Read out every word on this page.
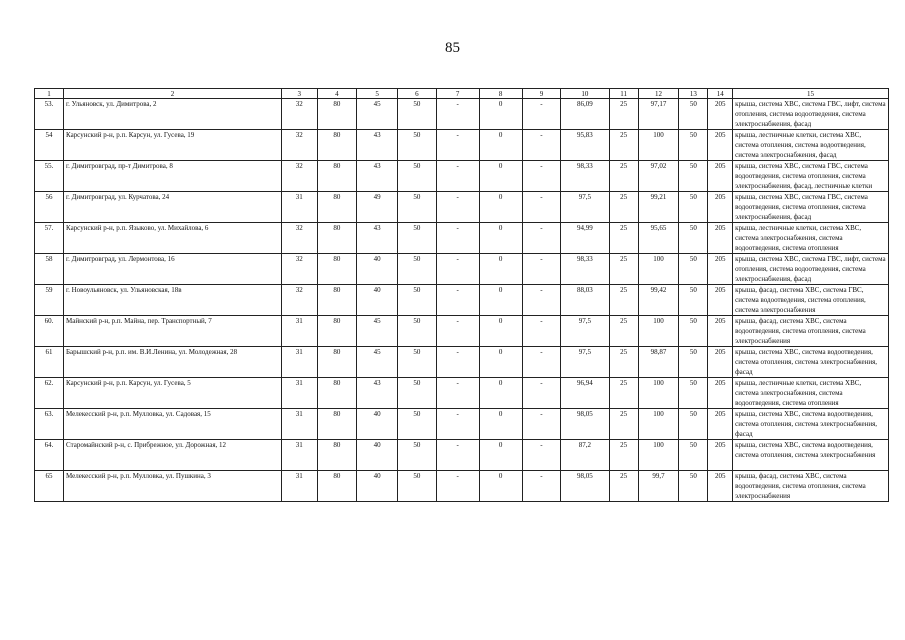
85
1	2	3	4	5	6	7	8	9	10	11	12	13	14	15
53.	г. Ульяновск, ул. Димитрова, 2	32	80	45	50	-	0	-	86,09	25	97,17	50	205	крыша, система ХВС, система ГВС, лифт, система отопления, система водоотведения, система электроснабжения, фасад
54	Карсунский р-н, р.п. Карсун, ул. Гусева, 19	32	80	43	50	-	0	-	95,83	25	100	50	205	крыша, лестничные клетки, система ХВС, система отопления, система водоотведения, система электроснабжения, фасад
55.	г. Димитровград, пр-т Димитрова, 8	32	80	43	50	-	0	-	98,33	25	97,02	50	205	крыша, система ХВС, система ГВС, система водоотведения, система отопления, система электроснабжения, фасад, лестничные клетки
56	г. Димитровград, ул. Курчатова, 24	31	80	49	50	-	0	-	97,5	25	99,21	50	205	крыша, система ХВС, система ГВС, система водоотведения, система отопления, система электроснабжения, фасад
57.	Карсунский р-н, р.п. Языково, ул. Михайлова, 6	32	80	43	50	-	0	-	94,99	25	95,65	50	205	крыша, лестничные клетки, система ХВС, система электроснабжения, система водоотведения, система отопления
58	г. Димитровград, ул. Лермонтова, 16	32	80	40	50	-	0	-	98,33	25	100	50	205	крыша, система ХВС, система ГВС, лифт, система отопления, система водоотведения, система электроснабжения, фасад
59	г. Новоульяновск, ул. Ульяновская, 18в	32	80	40	50	-	0	-	88,03	25	99,42	50	205	крыша, фасад, система ХВС, система ГВС, система водоотведения, система отопления, система электроснабжения
60.	Майнский р-н, р.п. Майна, пер. Транспортный, 7	31	80	45	50	-	0	-	97,5	25	100	50	205	крыша, фасад, система ХВС, система водоотведения, система отопления, система электроснабжения
61	Барышский р-н, р.п. им. В.И.Ленина, ул. Молодежная, 28	31	80	45	50	-	0	-	97,5	25	98,87	50	205	крыша, система ХВС, система водоотведения, система отопления, система электроснабжения, фасад
62.	Карсунский р-н, р.п. Карсун, ул. Гусева, 5	31	80	43	50	-	0	-	96,94	25	100	50	205	крыша, лестничные клетки, система ХВС, система электроснабжения, система водоотведения, система отопления
63.	Мелекесский р-н, р.п. Мулловка, ул. Садовая, 15	31	80	40	50	-	0	-	98,05	25	100	50	205	крыша, система ХВС, система водоотведения, система отопления, система электроснабжения, фасад
64.	Старомайнский р-н, с. Прибрежное, ул. Дорожная, 12	31	80	40	50	-	0	-	87,2	25	100	50	205	крыша, система ХВС, система водоотведения, система отопления, система электроснабжения
65	Мелекесский р-н, р.п. Мулловка, ул. Пушкина, 3	31	80	40	50	-	0	-	98,05	25	99,7	50	205	крыша, фасад, система ХВС, система водоотведения, система отопления, система электроснабжения
